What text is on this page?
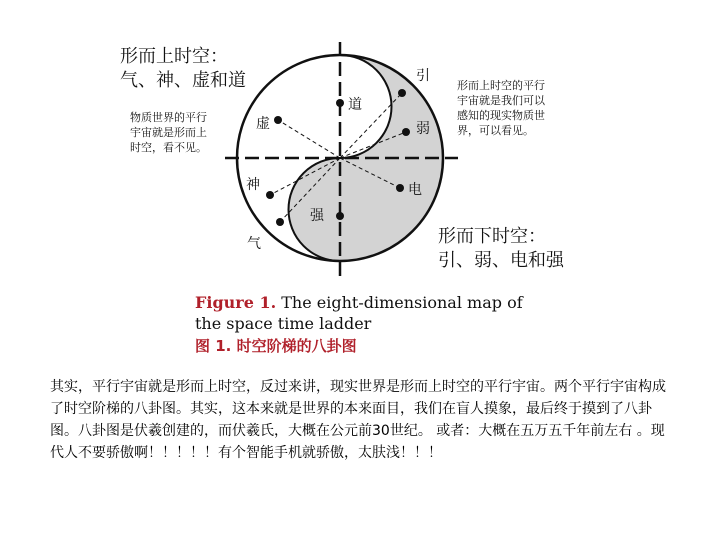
道
虚
神
气
引
弱
电
强
形而上时空：
气、神、虚和道
物质世界的平行
宇宙就是形而上
时空，看不见。
形而上时空的平行
宇宙就是我们可以
感知的现实物质世
界，可以看见。
形而下时空：
引、弱、电和强
Figure 1. The eight-dimensional map of
the space time ladder
图 1. 时空阶梯的八卦图
其实，平行宇宙就是形而上时空，反过来讲，现实世界是形而上时空的平行宇宙。两个平行宇宙构成了时空阶梯的八卦图。其实，这本来就是世界的本来面目，我们在盲人摸象，最后终于摸到了八卦图。八卦图是伏羲创建的，而伏羲氏，大概在公元前30世纪。 或者：大概在五万五千年前左右 。现代人不要骄傲啊！！！！！有个智能手机就骄傲，太肤浅！！！
